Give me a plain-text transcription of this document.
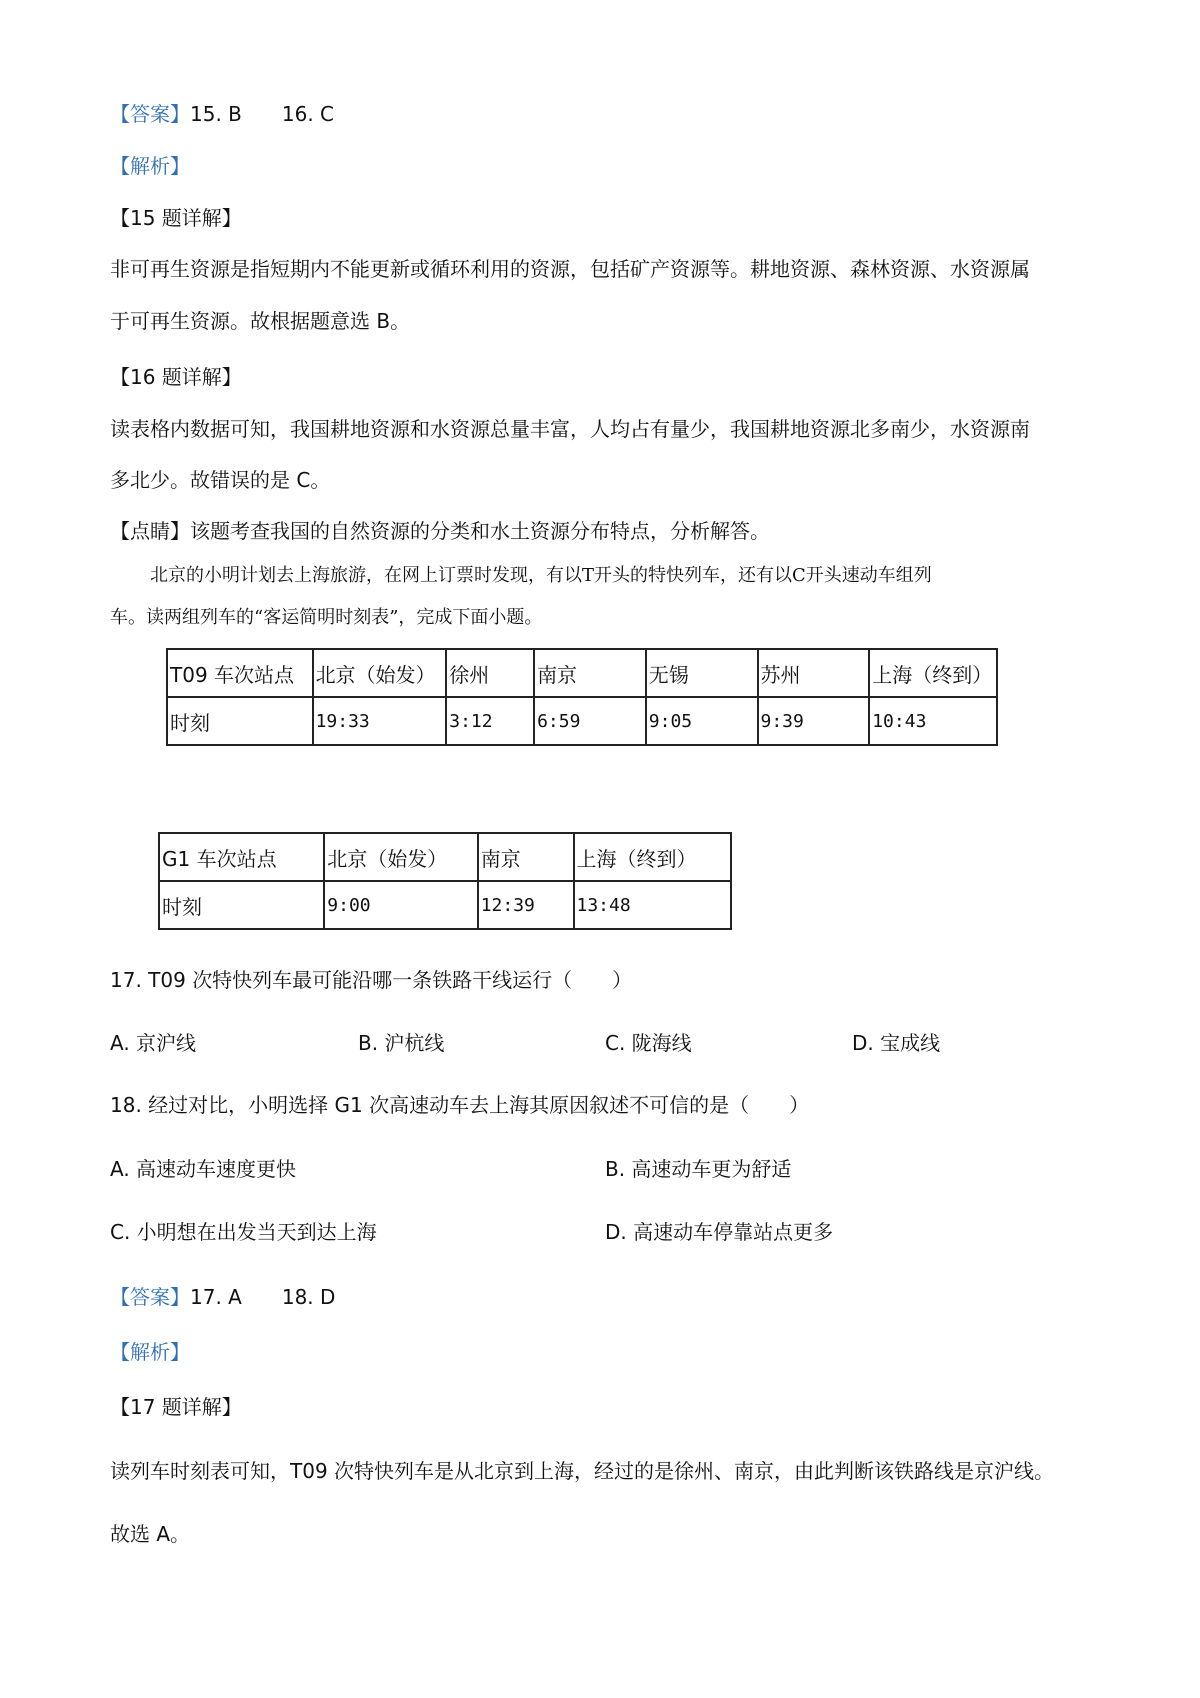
【答案】15. B 16. C
【解析】
【15 题详解】
非可再生资源是指短期内不能更新或循环利用的资源，包括矿产资源等。耕地资源、森林资源、水资源属
于可再生资源。故根据题意选 B。
【16 题详解】
读表格内数据可知，我国耕地资源和水资源总量丰富，人均占有量少，我国耕地资源北多南少，水资源南
多北少。故错误的是 C。
【点睛】该题考查我国的自然资源的分类和水土资源分布特点，分析解答。
北京的小明计划去上海旅游，在网上订票时发现，有以T开头的特快列车，还有以C开头速动车组列
车。读两组列车的“客运简明时刻表”，完成下面小题。
T09 车次站点	北京（始发）	徐州	南京	无锡	苏州	上海（终到）
时刻	19:33	3:12	6:59	9:05	9:39	10:43
G1 车次站点	北京（始发）	南京	上海（终到）
时刻	9:00	12:39	13:48
17. T09 次特快列车最可能沿哪一条铁路干线运行（　　）
A. 京沪线	B. 沪杭线	C. 陇海线	D. 宝成线
18. 经过对比，小明选择 G1 次高速动车去上海其原因叙述不可信的是（　　）
A. 高速动车速度更快	B. 高速动车更为舒适
C. 小明想在出发当天到达上海	D. 高速动车停靠站点更多
【答案】17. A 18. D
【解析】
【17 题详解】
读列车时刻表可知，T09 次特快列车是从北京到上海，经过的是徐州、南京，由此判断该铁路线是京沪线。
故选 A。
